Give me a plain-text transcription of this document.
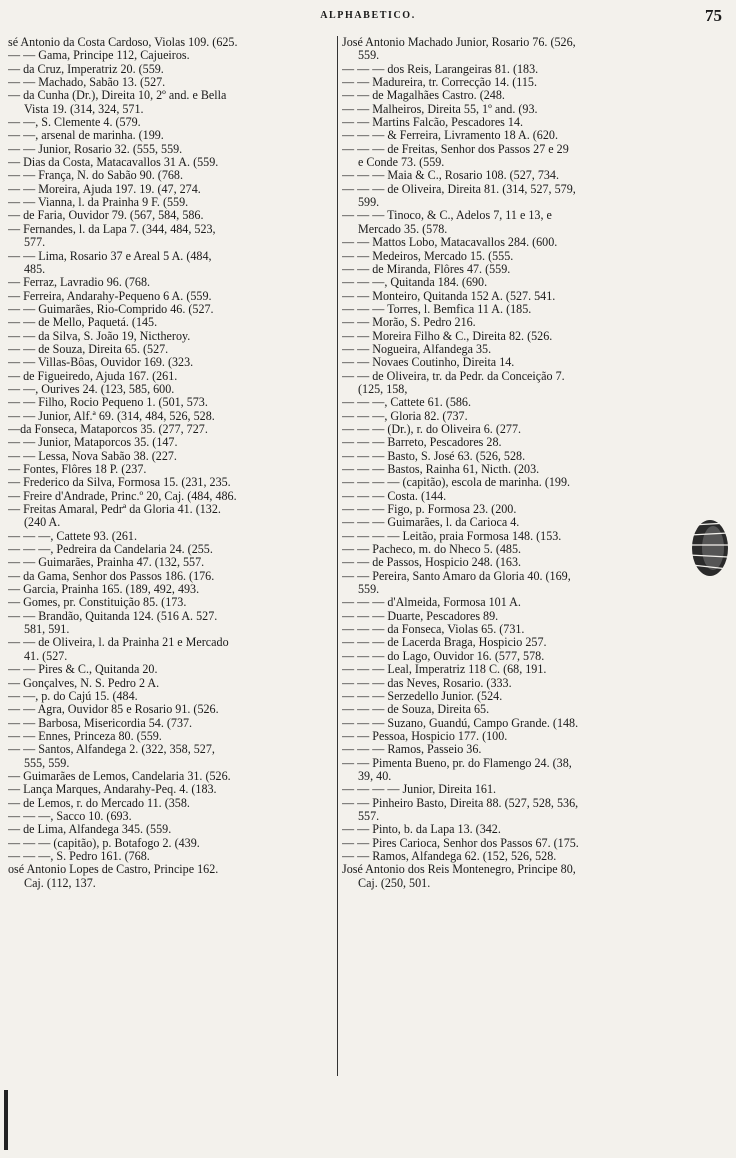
ALPHABETICO.	75
sé Antonio da Costa Cardoso, Violas 109. (625.
— — Gama, Principe 112, Cajueiros.
— da Cruz, Imperatriz 20. (559.
— — Machado, Sabão 13. (527.
— da Cunha (Dr.), Direita 10, 2º and. e Bella
Vista 19. (314, 324, 571.
— —, S. Clemente 4. (579.
— —, arsenal de marinha. (199.
— — Junior, Rosario 32. (555, 559.
— Dias da Costa, Matacavallos 31 A. (559.
— — França, N. do Sabão 90. (768.
— — Moreira, Ajuda 197. 19. (47, 274.
— — Vianna, l. da Prainha 9 F. (559.
— de Faria, Ouvidor 79. (567, 584, 586.
— Fernandes, l. da Lapa 7. (344, 484, 523,
577.
— — Lima, Rosario 37 e Areal 5 A. (484,
485.
— Ferraz, Lavradio 96. (768.
— Ferreira, Andarahy-Pequeno 6 A. (559.
— — Guimarães, Rio-Comprido 46. (527.
— — de Mello, Paquetá. (145.
— — da Silva, S. João 19, Nictheroy.
— — de Souza, Direita 65. (527.
— — Villas-Bôas, Ouvidor 169. (323.
— de Figueiredo, Ajuda 167. (261.
— —, Ourives 24. (123, 585, 600.
— — Filho, Rocio Pequeno 1. (501, 573.
— — Junior, Alf.ª 69. (314, 484, 526, 528.
—da Fonseca, Mataporcos 35. (277, 727.
— — Junior, Mataporcos 35. (147.
— — Lessa, Nova Sabão 38. (227.
— Fontes, Flôres 18 P. (237.
— Frederico da Silva, Formosa 15. (231, 235.
— Freire d'Andrade, Princ.º 20, Caj. (484, 486.
— Freitas Amaral, Pedrª da Gloria 41. (132.
(240 A.
— — —, Cattete 93. (261.
— — —, Pedreira da Candelaria 24. (255.
— — Guimarães, Prainha 47. (132, 557.
— da Gama, Senhor dos Passos 186. (176.
— Garcia, Prainha 165. (189, 492, 493.
— Gomes, pr. Constituição 85. (173.
— — Brandão, Quitanda 124. (516 A. 527.
581, 591.
— — de Oliveira, l. da Prainha 21 e Mercado
41. (527.
— — Pires & C., Quitanda 20.
— Gonçalves, N. S. Pedro 2 A.
— —, p. do Cajú 15. (484.
— — Agra, Ouvidor 85 e Rosario 91. (526.
— — Barbosa, Misericordia 54. (737.
— — Ennes, Princeza 80. (559.
— — Santos, Alfandega 2. (322, 358, 527,
555, 559.
— Guimarães de Lemos, Candelaria 31. (526.
— Lança Marques, Andarahy-Peq. 4. (183.
— de Lemos, r. do Mercado 11. (358.
— — —, Sacco 10. (693.
— de Lima, Alfandega 345. (559.
— — — (capitão), p. Botafogo 2. (439.
— — —, S. Pedro 161. (768.
osé Antonio Lopes de Castro, Principe 162.
Caj. (112, 137.
José Antonio Machado Junior, Rosario 76. (526,
559.
— — — dos Reis, Larangeiras 81. (183.
— — Madureira, tr. Correcção 14. (115.
— — de Magalhães Castro. (248.
— — Malheiros, Direita 55, 1º and. (93.
— — Martins Falcão, Pescadores 14.
— — — & Ferreira, Livramento 18 A. (620.
— — — de Freitas, Senhor dos Passos 27 e 29
e Conde 73. (559.
— — — Maia & C., Rosario 108. (527, 734.
— — — de Oliveira, Direita 81. (314, 527, 579,
599.
— — — Tinoco, & C., Adelos 7, 11 e 13, e
Mercado 35. (578.
— — Mattos Lobo, Matacavallos 284. (600.
— — Medeiros, Mercado 15. (555.
— — de Miranda, Flôres 47. (559.
— — —, Quitanda 184. (690.
— — Monteiro, Quitanda 152 A. (527. 541.
— — — Torres, l. Bemfica 11 A. (185.
— — Morão, S. Pedro 216.
— — Moreira Filho & C., Direita 82. (526.
— — Nogueira, Alfandega 35.
— — Novaes Coutinho, Direita 14.
— — de Oliveira, tr. da Pedr. da Conceição 7.
(125, 158,
— — —, Cattete 61. (586.
— — —, Gloria 82. (737.
— — — (Dr.), r. do Oliveira 6. (277.
— — — Barreto, Pescadores 28.
— — — Basto, S. José 63. (526, 528.
— — — Bastos, Rainha 61, Nicth. (203.
— — — — (capitão), escola de marinha. (199.
— — — Costa. (144.
— — — Figo, p. Formosa 23. (200.
— — — Guimarães, l. da Carioca 4.
— — — — Leitão, praia Formosa 148. (153.
— — Pacheco, m. do Nheco 5. (485.
— — de Passos, Hospicio 248. (163.
— — Pereira, Santo Amaro da Gloria 40. (169,
559.
— — — d'Almeida, Formosa 101 A.
— — — Duarte, Pescadores 89.
— — — da Fonseca, Violas 65. (731.
— — — de Lacerda Braga, Hospicio 257.
— — — do Lago, Ouvidor 16. (577, 578.
— — — Leal, Imperatriz 118 C. (68, 191.
— — — das Neves, Rosario. (333.
— — — Serzedello Junior. (524.
— — — de Souza, Direita 65.
— — — Suzano, Guandú, Campo Grande. (148.
— — Pessoa, Hospicio 177. (100.
— — — Ramos, Passeio 36.
— — Pimenta Bueno, pr. do Flamengo 24. (38,
39, 40.
— — — — Junior, Direita 161.
— — Pinheiro Basto, Direita 88. (527, 528, 536,
557.
— — Pinto, b. da Lapa 13. (342.
— — Pires Carioca, Senhor dos Passos 67. (175.
— — Ramos, Alfandega 62. (152, 526, 528.
José Antonio dos Reis Montenegro, Principe 80,
Caj. (250, 501.
